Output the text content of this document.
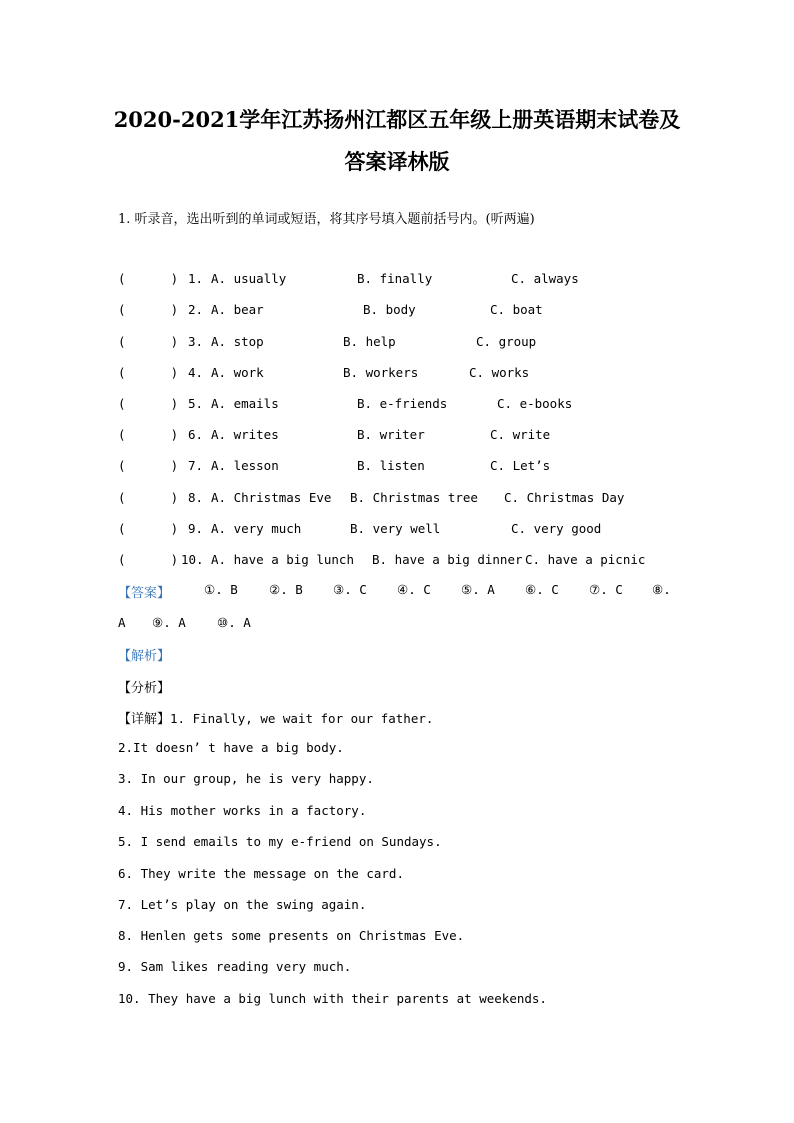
2020-2021学年江苏扬州江都区五年级上册英语期末试卷及
答案译林版
1. 听录音，选出听到的单词或短语，将其序号填入题前括号内。(听两遍)
(      ) 1. A. usually	B. finally	C. always
(      ) 2. A. bear	B. body	C. boat
(      ) 3. A. stop	B. help	C. group
(      ) 4. A. work	B. workers	C. works
(      ) 5. A. emails	B. e-friends	C. e-books
(      ) 6. A. writes	B. writer	C. write
(      ) 7. A. lesson	B. listen	C. Let’s
(      ) 8. A. Christmas Eve B. Christmas tree C. Christmas Day
(      ) 9. A. very much	B. very well	C. very good
(      ) 10. A. have a big lunch B. have a big dinner C. have a picnic
【答案】	①. B ②. B ③. C ④. C ⑤. A ⑥. C ⑦. C ⑧.
A ⑨. A ⑩. A
【解析】
【分析】
【详解】1. Finally, we wait for our father.
2.It doesn’ t have a big body.
3. In our group, he is very happy.
4. His mother works in a factory.
5. I send emails to my e-friend on Sundays.
6. They write the message on the card.
7. Let’s play on the swing again.
8. Henlen gets some presents on Christmas Eve.
9. Sam likes reading very much.
10. They have a big lunch with their parents at weekends.
